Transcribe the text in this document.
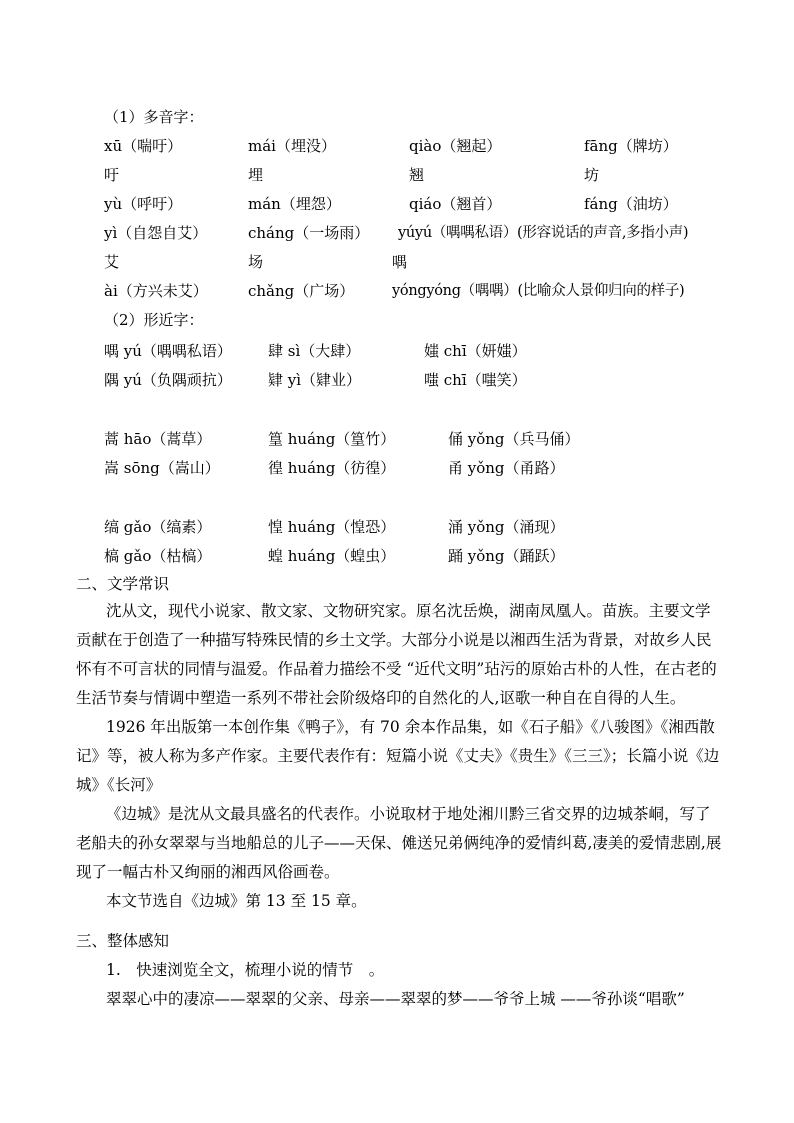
（1）多音字：
xū（喘吁）	mái（埋没）	qiào（翘起）	fāng（牌坊）
吁	埋	翘	坊
yù（呼吁）	mán（埋怨）	qiáo（翘首）	fáng（油坊）
yì（自怨自艾）	cháng（一场雨） yúyú（喁喁私语）(形容说话的声音,多指小声)
艾	场	喁
ài（方兴未艾）	chǎng（广场）	yóngyóng（喁喁）(比喻众人景仰归向的样子)
（2）形近字：
喁 yú（喁喁私语） 肆 sì（大肆）	媸 chī（妍媸）
隅 yú（负隅顽抗） 肄 yì（肄业）	嗤 chī（嗤笑）
蒿 hāo（蒿草）	篁 huáng（篁竹）	俑 yǒng（兵马俑）
嵩 sōng（嵩山）	徨 huáng（彷徨）	甬 yǒng（甬路）
缟 gǎo（缟素）	惶 huáng（惶恐）	涌 yǒng（涌现）
槁 gǎo（枯槁）	蝗 huáng（蝗虫）	踊 yǒng（踊跃）
二、文学常识

沈从文，现代小说家、散文家、文物研究家。原名沈岳焕，湖南凤凰人。苗族。主要文学贡献在于创造了一种描写特殊民情的乡土文学。大部分小说是以湘西生活为背景，对故乡人民怀有不可言状的同情与温爱。作品着力描绘不受 “近代文明”玷污的原始古朴的人性，在古老的生活节奏与情调中塑造一系列不带社会阶级烙印的自然化的人,讴歌一种自在自得的人生。

1926 年出版第一本创作集《鸭子》，有 70 余本作品集，如《石子船》《八骏图》《湘西散记》等，被人称为多产作家。主要代表作有：短篇小说《丈夫》《贵生》《三三》；长篇小说《边城》《长河》

《边城》是沈从文最具盛名的代表作。小说取材于地处湘川黔三省交界的边城茶峒，写了老船夫的孙女翠翠与当地船总的儿子——天保、傩送兄弟俩纯净的爱情纠葛,凄美的爱情悲剧,展现了一幅古朴又绚丽的湘西风俗画卷。

本文节选自《边城》第 13 至 15 章。

三、整体感知
1.　快速浏览全文，梳理小说的情节　。
翠翠心中的凄凉——翠翠的父亲、母亲——翠翠的梦——爷爷上城 ——爷孙谈“唱歌”
